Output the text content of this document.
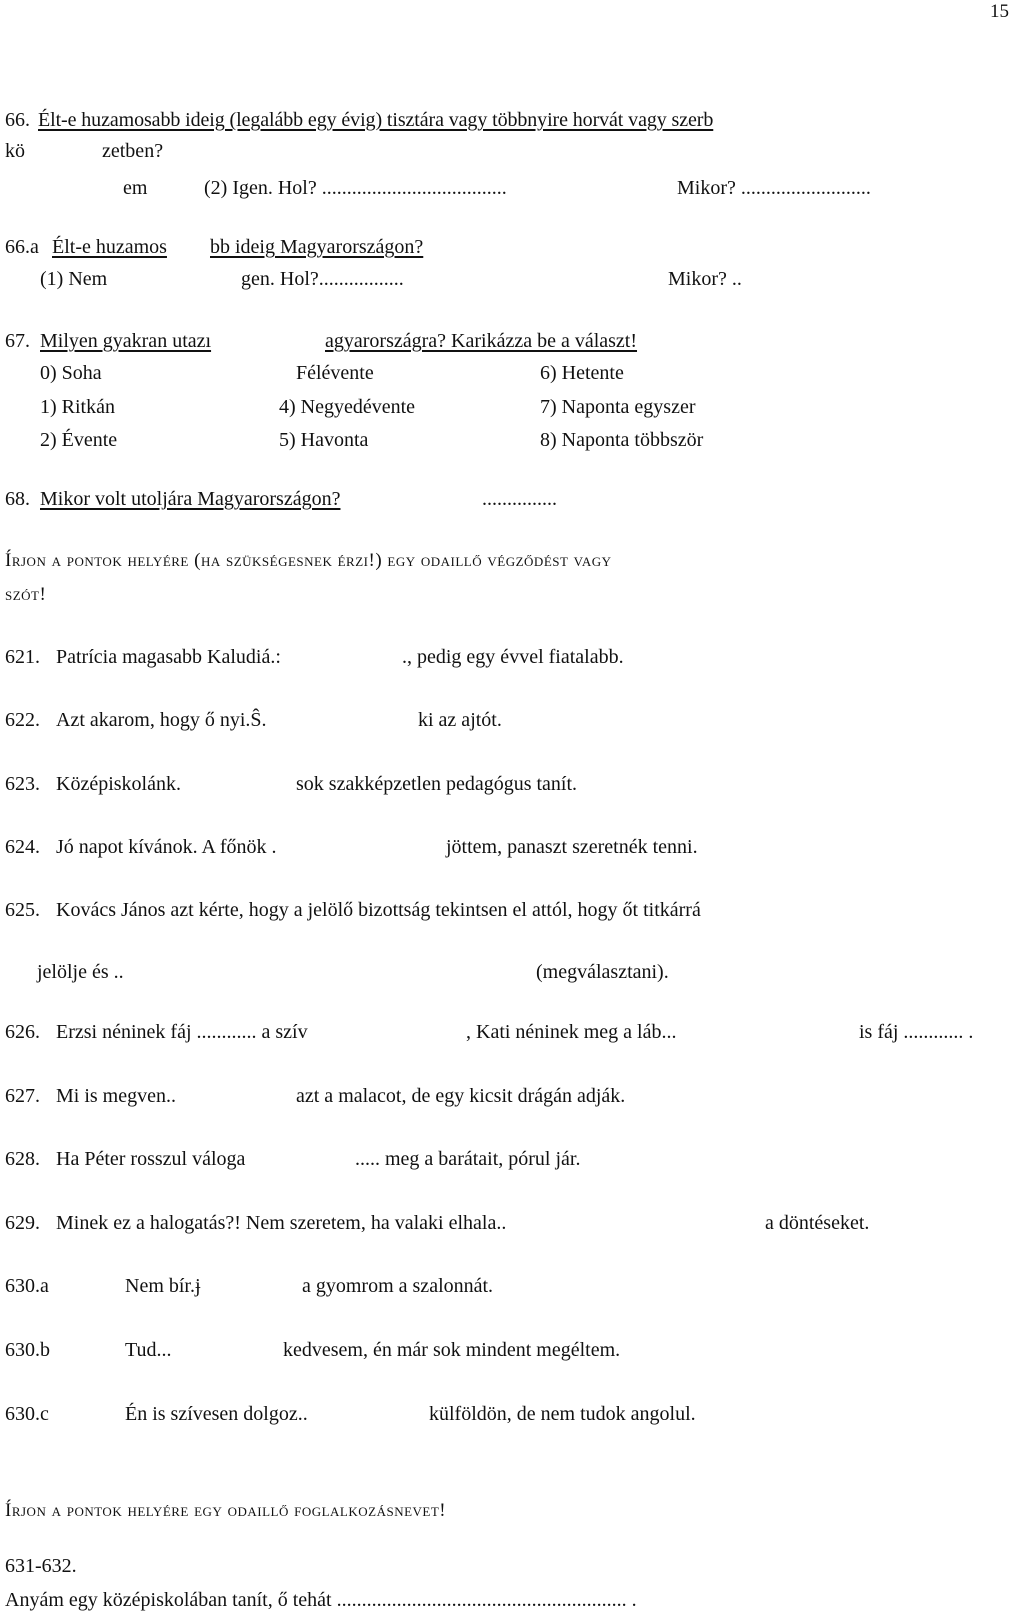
15
66. Élt-e huzamosabb ideig (legalább egy évig) tisztára vagy többnyire horvát vagy szerb
kö	zetben?
em	(2) Igen. Hol? .....................................	Mikor? ..........................
66.a Élt-e huzamos bb ideig Magyarországon?
(1) Nem	gen. Hol?.................	Mikor? ..
67. Milyen gyakran utazı	agyarországra? Karikázza be a választ!
0) Soha	Félévente	6) Hetente
1) Ritkán	4) Negyedévente	7) Naponta egyszer
2) Évente	5) Havonta	8) Naponta többször
68. Mikor volt utoljára Magyarországon?	...............
Írjon a pontok helyére (ha szükségesnek érzi!) egy odaillő végződést vagy
szót!
621. Patrícia magasabb Kaludiá.:	., pedig egy évvel fiatalabb.
622. Azt akarom, hogy ő nyi.Ŝ.	ki az ajtót.
623. Középiskolánk.	sok szakképzetlen pedagógus tanít.
624. Jó napot kívánok. A főnök .	jöttem, panaszt szeretnék tenni.
625. Kovács János azt kérte, hogy a jelölő bizottság tekintsen el attól, hogy őt titkárrá
jelölje és ..	(megválasztani).
626. Erzsi néninek fáj ............ a szív	, Kati néninek meg a láb...	is fáj ............ .
627. Mi is megven..	azt a malacot, de egy kicsit drágán adják.
628. Ha Péter rosszul váloga	..... meg a barátait, pórul jár.
629. Minek ez a halogatás?! Nem szeretem, ha valaki elhala..	a döntéseket.
630.a	Nem bír.ɉ	a gyomrom a szalonnát.
630.b	Tud...	kedvesem, én már sok mindent megéltem.
630.c	Én is szívesen dolgoz..	külföldön, de nem tudok angolul.
Írjon a pontok helyére egy odaillő foglalkozásnevet!
631-632.
Anyám egy középiskolában tanít, ő tehát .......................................................... .
